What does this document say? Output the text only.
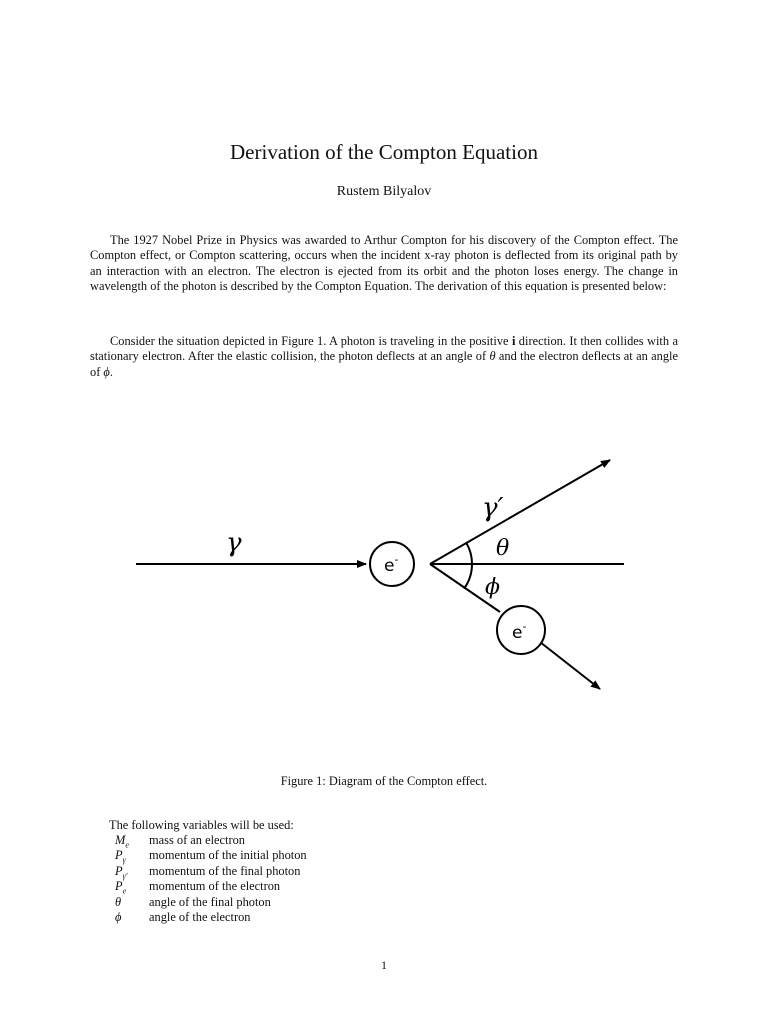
Derivation of the Compton Equation
Rustem Bilyalov
The 1927 Nobel Prize in Physics was awarded to Arthur Compton for his discovery of the Compton effect. The Compton effect, or Compton scattering, occurs when the incident x-ray photon is deflected from its original path by an interaction with an electron. The electron is ejected from its orbit and the photon loses energy. The change in wavelength of the photon is described by the Compton Equation. The derivation of this equation is presented below:
Consider the situation depicted in Figure 1. A photon is traveling in the positive i direction. It then collides with a stationary electron. After the elastic collision, the photon deflects at an angle of θ and the electron deflects at an angle of ϕ.
γ
e-
γ′
θ
ϕ
e-
Figure 1: Diagram of the Compton effect.
The following variables will be used:
$M_e$	mass of an electron
$P_\gamma$	momentum of the initial photon
$P_{\gamma'}$	momentum of the final photon
$P_e$	momentum of the electron
θ	angle of the final photon
ϕ	angle of the electron
1
